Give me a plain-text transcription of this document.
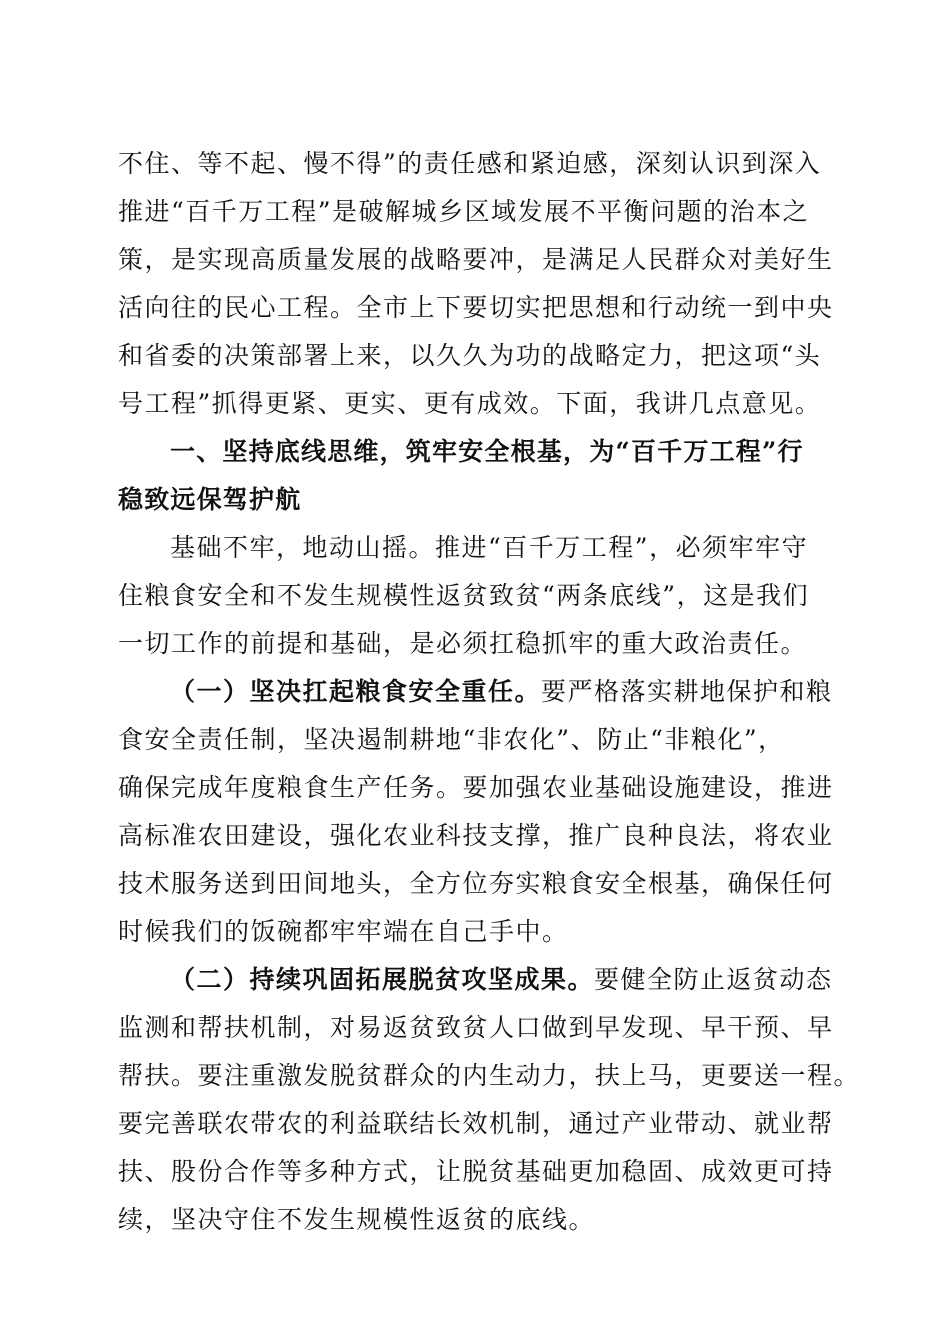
不住、等不起、慢不得”的责任感和紧迫感，深刻认识到深入
推进“百千万工程”是破解城乡区域发展不平衡问题的治本之
策，是实现高质量发展的战略要冲，是满足人民群众对美好生
活向往的民心工程。全市上下要切实把思想和行动统一到中央
和省委的决策部署上来，以久久为功的战略定力，把这项“头
号工程”抓得更紧、更实、更有成效。下面，我讲几点意见。
一、坚持底线思维，筑牢安全根基，为“百千万工程”行
稳致远保驾护航
基础不牢，地动山摇。推进“百千万工程”，必须牢牢守
住粮食安全和不发生规模性返贫致贫“两条底线”，这是我们
一切工作的前提和基础，是必须扛稳抓牢的重大政治责任。
（一）坚决扛起粮食安全重任。要严格落实耕地保护和粮
食安全责任制，坚决遏制耕地“非农化”、防止“非粮化”，
确保完成年度粮食生产任务。要加强农业基础设施建设，推进
高标准农田建设，强化农业科技支撑，推广良种良法，将农业
技术服务送到田间地头，全方位夯实粮食安全根基，确保任何
时候我们的饭碗都牢牢端在自己手中。
（二）持续巩固拓展脱贫攻坚成果。要健全防止返贫动态
监测和帮扶机制，对易返贫致贫人口做到早发现、早干预、早
帮扶。要注重激发脱贫群众的内生动力，扶上马，更要送一程。
要完善联农带农的利益联结长效机制，通过产业带动、就业帮
扶、股份合作等多种方式，让脱贫基础更加稳固、成效更可持
续，坚决守住不发生规模性返贫的底线。
